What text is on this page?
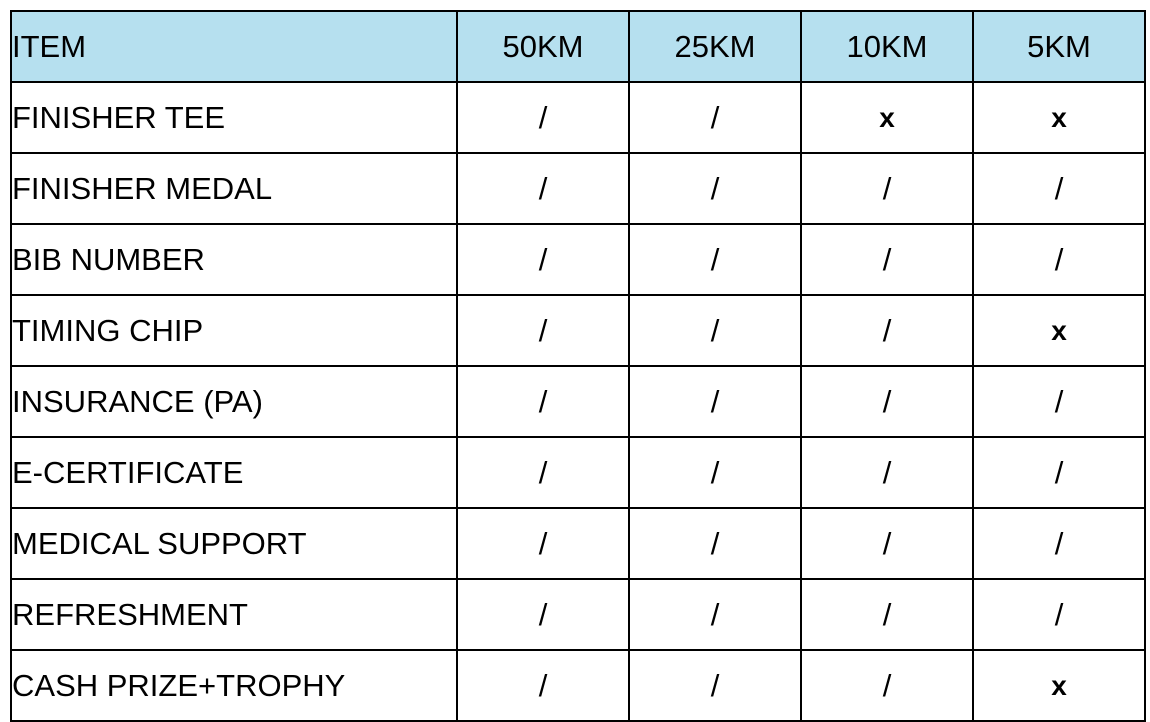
ITEM	50KM	25KM	10KM	5KM
FINISHER TEE	/	/	x	x
FINISHER MEDAL	/	/	/	/
BIB NUMBER	/	/	/	/
TIMING CHIP	/	/	/	x
INSURANCE (PA)	/	/	/	/
E-CERTIFICATE	/	/	/	/
MEDICAL SUPPORT	/	/	/	/
REFRESHMENT	/	/	/	/
CASH PRIZE+TROPHY	/	/	/	x
